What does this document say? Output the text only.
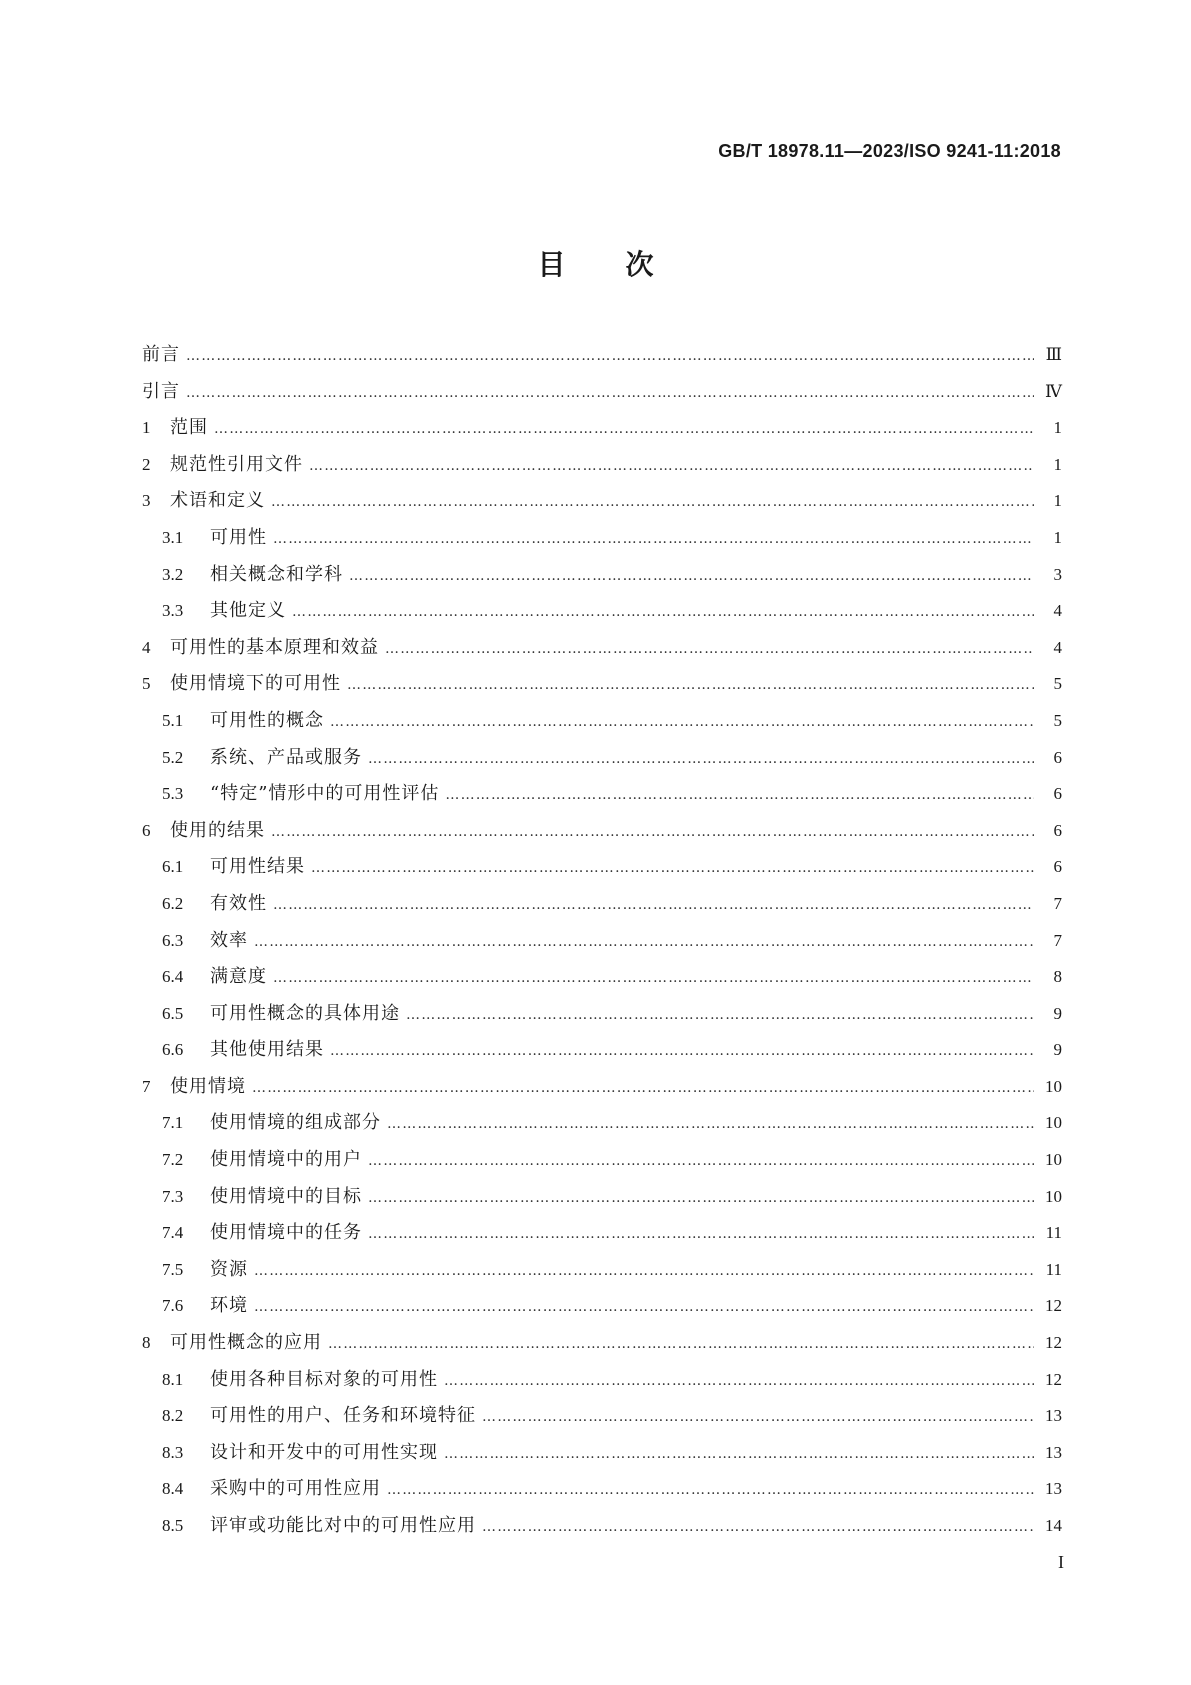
GB/T 18978.11—2023/ISO 9241-11:2018
目次
前言 ………………………………………………………………………………………………………………………………………………………………………………………………………………………………………………………………	Ⅲ
引言 ………………………………………………………………………………………………………………………………………………………………………………………………………………………………………………………………	Ⅳ
1	范围 ………………………………………………………………………………………………………………………………………………………………………………………………………………………………………………………………	1
2	规范性引用文件 ………………………………………………………………………………………………………………………………………………………………………………………………………………………………………………………………	1
3	术语和定义 ………………………………………………………………………………………………………………………………………………………………………………………………………………………………………………………………	1
3.1	可用性 ………………………………………………………………………………………………………………………………………………………………………………………………………………………………………………………………	1
3.2	相关概念和学科 ………………………………………………………………………………………………………………………………………………………………………………………………………………………………………………………………	3
3.3	其他定义 ………………………………………………………………………………………………………………………………………………………………………………………………………………………………………………………………	4
4	可用性的基本原理和效益 ………………………………………………………………………………………………………………………………………………………………………………………………………………………………………………………………	4
5	使用情境下的可用性 ………………………………………………………………………………………………………………………………………………………………………………………………………………………………………………………………	5
5.1	可用性的概念 ………………………………………………………………………………………………………………………………………………………………………………………………………………………………………………………………	5
5.2	系统、产品或服务 ………………………………………………………………………………………………………………………………………………………………………………………………………………………………………………………………	6
5.3	“特定”情形中的可用性评估 ………………………………………………………………………………………………………………………………………………………………………………………………………………………………………………………………	6
6	使用的结果 ………………………………………………………………………………………………………………………………………………………………………………………………………………………………………………………………	6
6.1	可用性结果 ………………………………………………………………………………………………………………………………………………………………………………………………………………………………………………………………	6
6.2	有效性 ………………………………………………………………………………………………………………………………………………………………………………………………………………………………………………………………	7
6.3	效率 ………………………………………………………………………………………………………………………………………………………………………………………………………………………………………………………………	7
6.4	满意度 ………………………………………………………………………………………………………………………………………………………………………………………………………………………………………………………………	8
6.5	可用性概念的具体用途 ………………………………………………………………………………………………………………………………………………………………………………………………………………………………………………………………	9
6.6	其他使用结果 ………………………………………………………………………………………………………………………………………………………………………………………………………………………………………………………………	9
7	使用情境 ………………………………………………………………………………………………………………………………………………………………………………………………………………………………………………………………	10
7.1	使用情境的组成部分 ………………………………………………………………………………………………………………………………………………………………………………………………………………………………………………………………	10
7.2	使用情境中的用户 ………………………………………………………………………………………………………………………………………………………………………………………………………………………………………………………………	10
7.3	使用情境中的目标 ………………………………………………………………………………………………………………………………………………………………………………………………………………………………………………………………	10
7.4	使用情境中的任务 ………………………………………………………………………………………………………………………………………………………………………………………………………………………………………………………………	11
7.5	资源 ………………………………………………………………………………………………………………………………………………………………………………………………………………………………………………………………	11
7.6	环境 ………………………………………………………………………………………………………………………………………………………………………………………………………………………………………………………………	12
8	可用性概念的应用 ………………………………………………………………………………………………………………………………………………………………………………………………………………………………………………………………	12
8.1	使用各种目标对象的可用性 ………………………………………………………………………………………………………………………………………………………………………………………………………………………………………………………………	12
8.2	可用性的用户、任务和环境特征 ………………………………………………………………………………………………………………………………………………………………………………………………………………………………………………………………	13
8.3	设计和开发中的可用性实现 ………………………………………………………………………………………………………………………………………………………………………………………………………………………………………………………………	13
8.4	采购中的可用性应用 ………………………………………………………………………………………………………………………………………………………………………………………………………………………………………………………………	13
8.5	评审或功能比对中的可用性应用 ………………………………………………………………………………………………………………………………………………………………………………………………………………………………………………………………	14
I
